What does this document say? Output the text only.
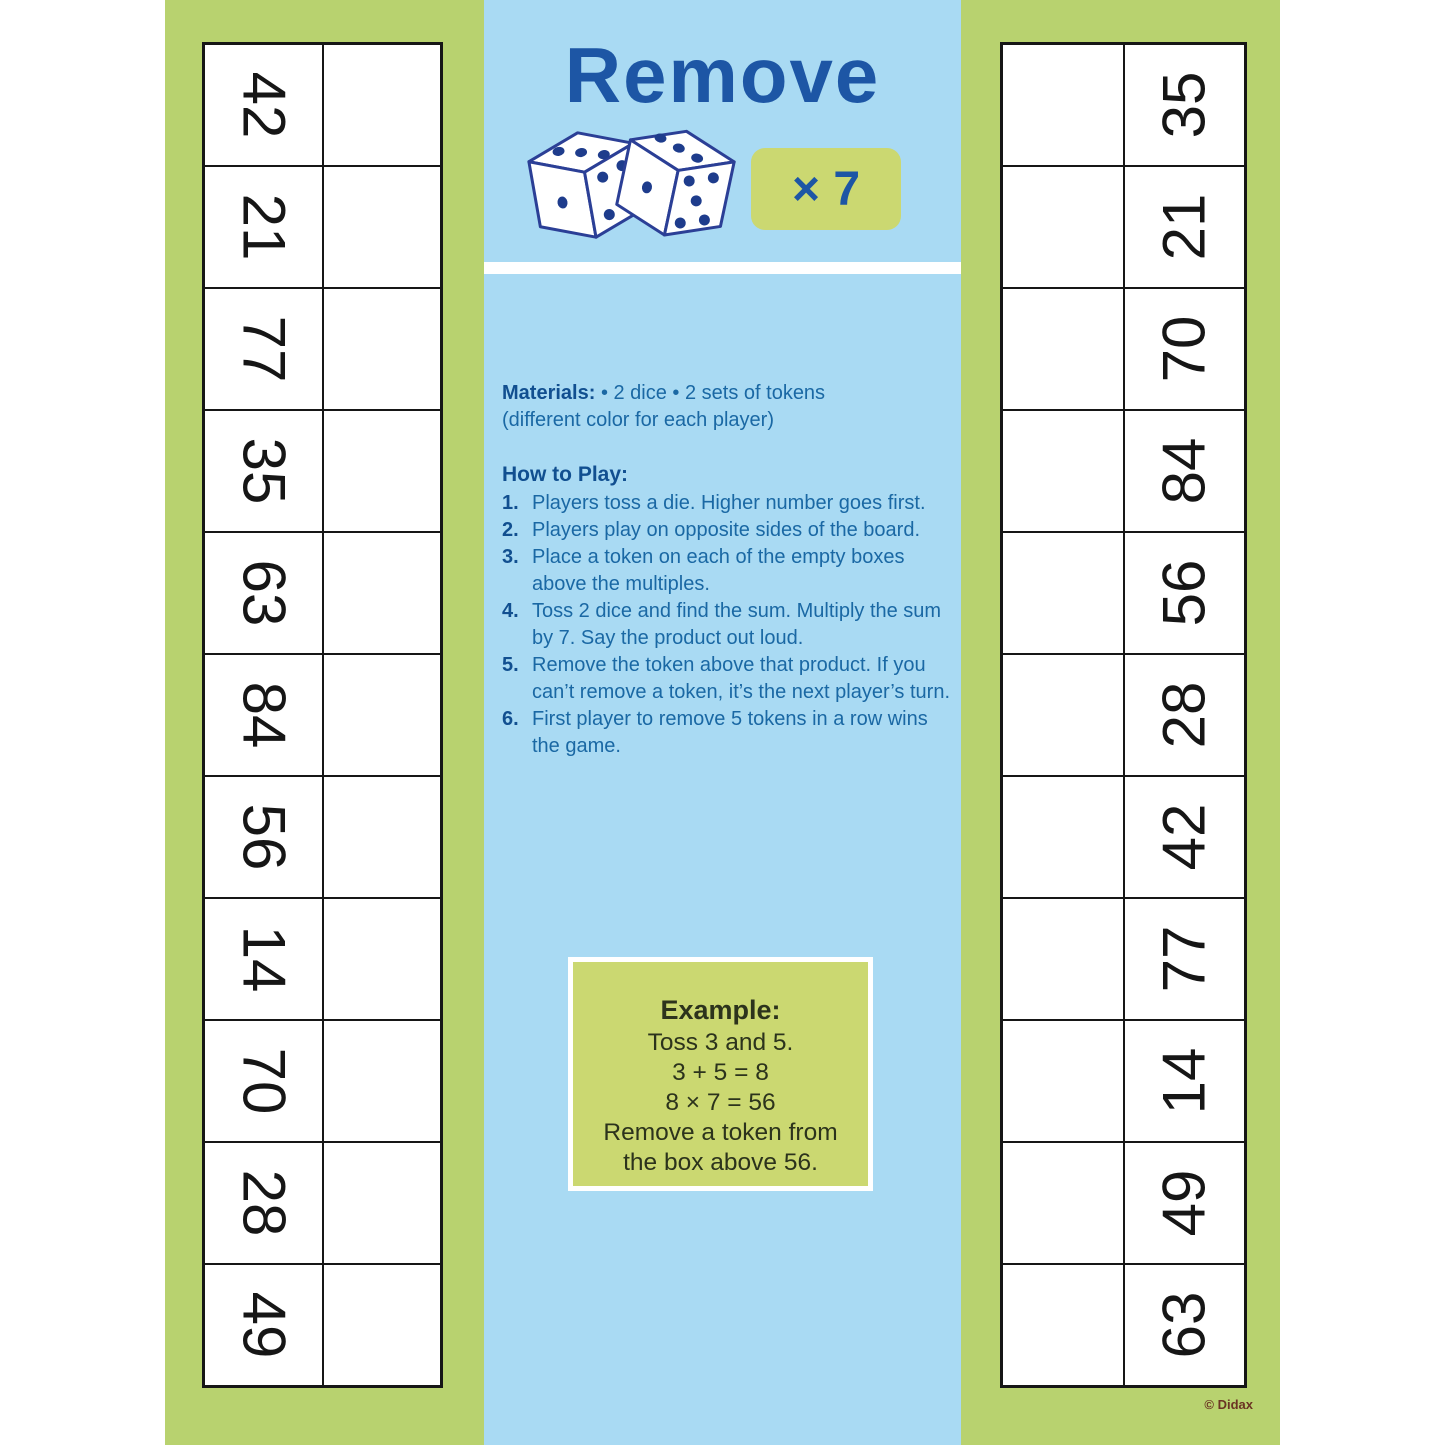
42
21
77
35
63
84
56
14
70
28
49
35
21
70
84
56
28
42
77
14
49
63
Remove
× 7

Materials: • 2 dice • 2 sets of tokens

(different color for each player)
How to Play:
1. Players toss a die. Higher number goes first.
2. Players play on opposite sides of the board.
3. Place a token on each of the empty boxes above the multiples.
4. Toss 2 dice and find the sum. Multiply the sum by 7. Say the product out loud.
5. Remove the token above that product. If you can’t remove a token, it’s the next player’s turn.
6. First player to remove 5 tokens in a row wins the game.
Example:
Toss 3 and 5.
3 + 5 = 8
8 × 7 = 56
Remove a token from
the box above 56.
© Didax
